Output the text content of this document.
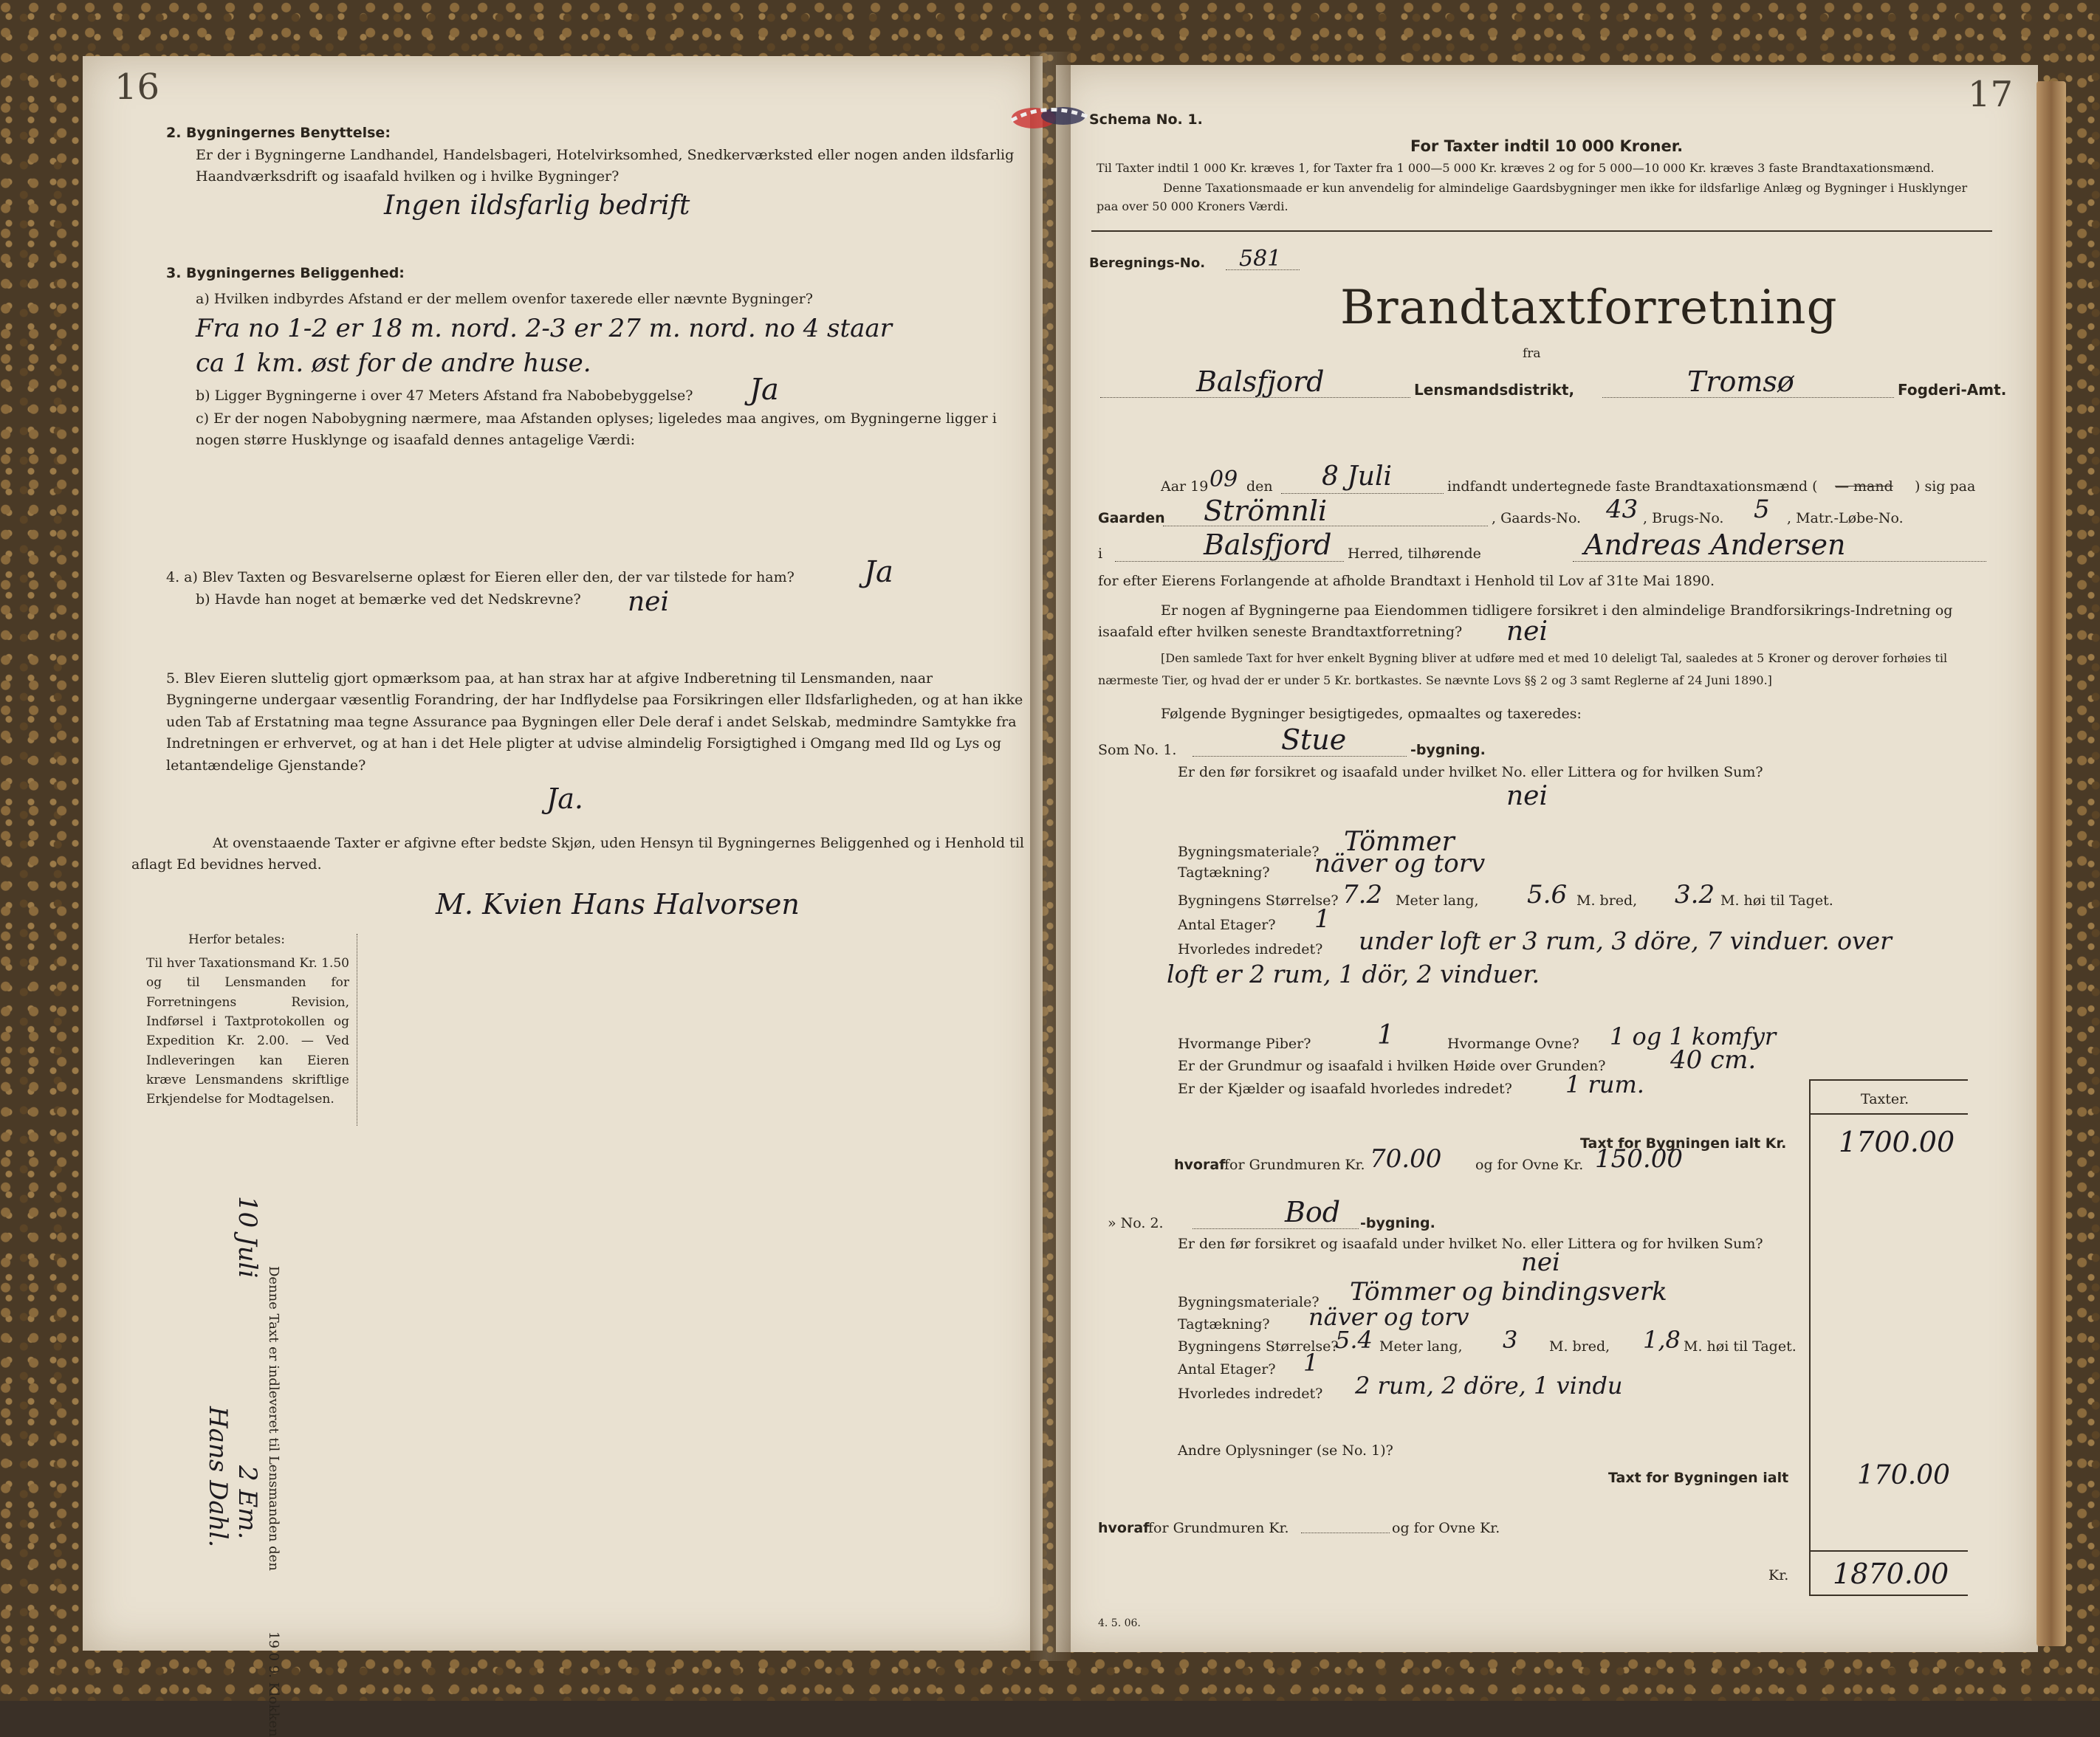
16
2. Bygningernes Benyttelse:
Er der i Bygningerne Landhandel, Handelsbageri, Hotelvirksomhed, Snedkerværksted eller nogen anden ildsfarlig Haandværksdrift og isaafald hvilken og i hvilke Bygninger?
Ingen ildsfarlig bedrift
3. Bygningernes Beliggenhed:
a) Hvilken indbyrdes Afstand er der mellem ovenfor taxerede eller nævnte Bygninger?
Fra no 1-2 er 18 m. nord. 2-3 er 27 m. nord. no 4 staar
ca 1 km. øst for de andre huse.
b) Ligger Bygningerne i over 47 Meters Afstand fra Nabobebyggelse? Ja
c) Er der nogen Nabobygning nærmere, maa Afstanden oplyses; ligeledes maa angives, om Bygningerne ligger i nogen større Husklynge og isaafald dennes antagelige Værdi:
4. a) Blev Taxten og Besvarelserne oplæst for Eieren eller den, der var tilstede for ham? Ja
b) Havde han noget at bemærke ved det Nedskrevne? nei
5. Blev Eieren sluttelig gjort opmærksom paa, at han strax har at afgive Indberetning til Lensmanden, naar Bygningerne undergaar væsentlig Forandring, der har Indflydelse paa Forsikringen eller Ildsfarligheden, og at han ikke uden Tab af Erstatning maa tegne Assurance paa Bygningen eller Dele deraf i andet Selskab, medmindre Samtykke fra Indretningen er erhvervet, og at han i det Hele pligter at udvise almindelig Forsigtighed i Omgang med Ild og Lys og letantændelige Gjenstande?
Ja.
At ovenstaaende Taxter er afgivne efter bedste Skjøn, uden Hensyn til Bygningernes Beliggenhed og i Henhold til aflagt Ed bevidnes herved.
M. Kvien Hans Halvorsen
Herfor betales:
Til hver Taxationsmand Kr. 1.50 og til Lensmanden for Forretningens Revision, Indførsel i Taxtprotokollen og Expedition Kr. 2.00. — Ved Indleveringen kan Eieren kræve Lensmandens skriftlige Erkjendelse for Modtagelsen.
Denne Taxt er indleveret til Lensmanden den
19 0 9. Klokken
10 Juli
2 Em.
Hans Dahl.
17
Schema No. 1.
For Taxter indtil 10 000 Kroner.
Til Taxter indtil 1 000 Kr. kræves 1, for Taxter fra 1 000—5 000 Kr. kræves 2 og for 5 000—10 000 Kr. kræves 3 faste Brandtaxationsmænd.
Denne Taxationsmaade er kun anvendelig for almindelige Gaardsbygninger men ikke for ildsfarlige Anlæg og Bygninger i Husklynger paa over 50 000 Kroners Værdi.
Beregnings-No. 581
Brandtaxtforretning
fra
Balsfjord	Lensmandsdistrikt,	Tromsø	Fogderi-Amt.
Aar 19 09 den 8 Juli	indfandt undertegnede faste Brandtaxationsmænd ( — mand ) sig paa
Gaarden Strömnli	, Gaards-No. 43 , Brugs-No. 5 , Matr.-Løbe-No.
i	Balsfjord Herred, tilhørende	Andreas Andersen
for efter Eierens Forlangende at afholde Brandtaxt i Henhold til Lov af 31te Mai 1890.
Er nogen af Bygningerne paa Eiendommen tidligere forsikret i den almindelige Brandforsikrings-Indretning og isaafald efter hvilken seneste Brandtaxtforretning?	nei
[Den samlede Taxt for hver enkelt Bygning bliver at udføre med et med 10 deleligt Tal, saaledes at 5 Kroner og derover forhøies til nærmeste Tier, og hvad der er under 5 Kr. bortkastes. Se nævnte Lovs §§ 2 og 3 samt Reglerne af 24 Juni 1890.]
Følgende Bygninger besigtigedes, opmaaltes og taxeredes:
Som No. 1.	Stue	-bygning.
Er den før forsikret og isaafald under hvilket No. eller Littera og for hvilken Sum?
nei
Bygningsmateriale? Tömmer
Tagtækning? näver og torv
Bygningens Størrelse? 7.2 Meter lang, 5.6 M. bred, 3.2 M. høi til Taget.
Antal Etager? 1
Hvorledes indredet? under loft er 3 rum, 3 döre, 7 vinduer. over
loft er 2 rum, 1 dör, 2 vinduer.
Hvormange Piber? 1	Hvormange Ovne? 1 og 1 komfyr
Er der Grundmur og isaafald i hvilken Høide over Grunden?	40 cm.
Er der Kjælder og isaafald hvorledes indredet? 1 rum.
Taxter.
Taxt for Bygningen ialt Kr. 1700.00
hvoraf
for Grundmuren Kr. 70.00 og for Ovne Kr. 150.00
» No. 2.	Bod -bygning.
Er den før forsikret og isaafald under hvilket No. eller Littera og for hvilken Sum?
nei
Bygningsmateriale? Tömmer og bindingsverk
Tagtækning? näver og torv
Bygningens Størrelse?
5.4 Meter lang, 3 M. bred, 1,8 M. høi til Taget.
Antal Etager? 1
Hvorledes indredet? 2 rum, 2 döre, 1 vindu
Andre Oplysninger (se No. 1)?
Taxt for Bygningen ialt	170.00
hvoraf
for Grundmuren Kr.	og for Ovne Kr.
Kr. 1870.00
4. 5. 06.
